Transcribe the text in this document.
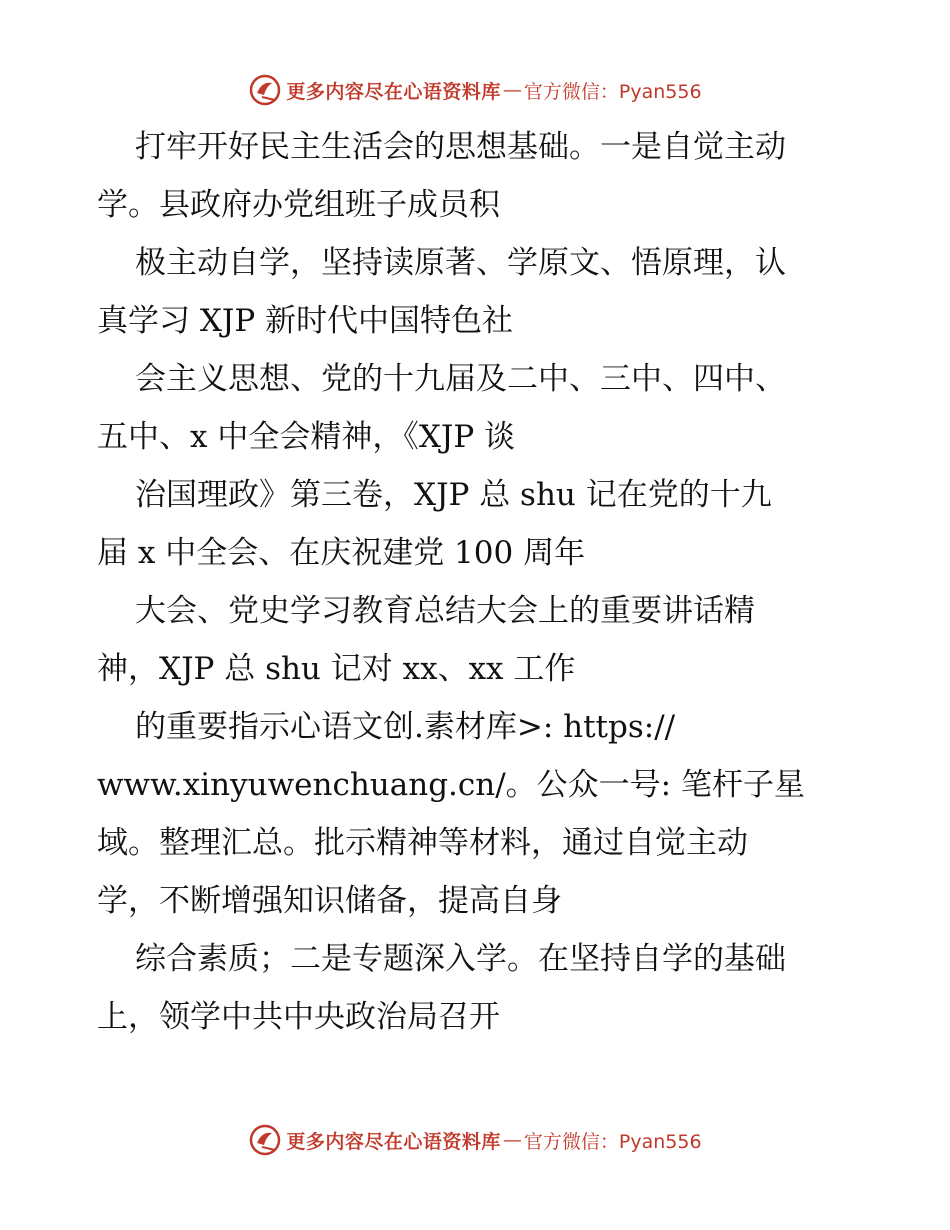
更多内容尽在心语资料库 — 官方微信：Pyan556
打牢开好民主生活会的思想基础。一是自觉主动
学。县政府办党组班子成员积
极主动自学，坚持读原著、学原文、悟原理，认
真学习 XJP 新时代中国特色社
会主义思想、党的十九届及二中、三中、四中、
五中、x 中全会精神，《XJP 谈
治国理政》第三卷，XJP 总 shu 记在党的十九
届 x 中全会、在庆祝建党 100 周年
大会、党史学习教育总结大会上的重要讲话精
神，XJP 总 shu 记对 xx、xx 工作
的重要指示心语文创.素材库>: https://
www.xinyuwenchuang.cn/。公众一号: 笔杆子星
域。整理汇总。批示精神等材料，通过自觉主动
学，不断增强知识储备，提高自身
综合素质；二是专题深入学。在坚持自学的基础
上，领学中共中央政治局召开
更多内容尽在心语资料库 — 官方微信：Pyan556
